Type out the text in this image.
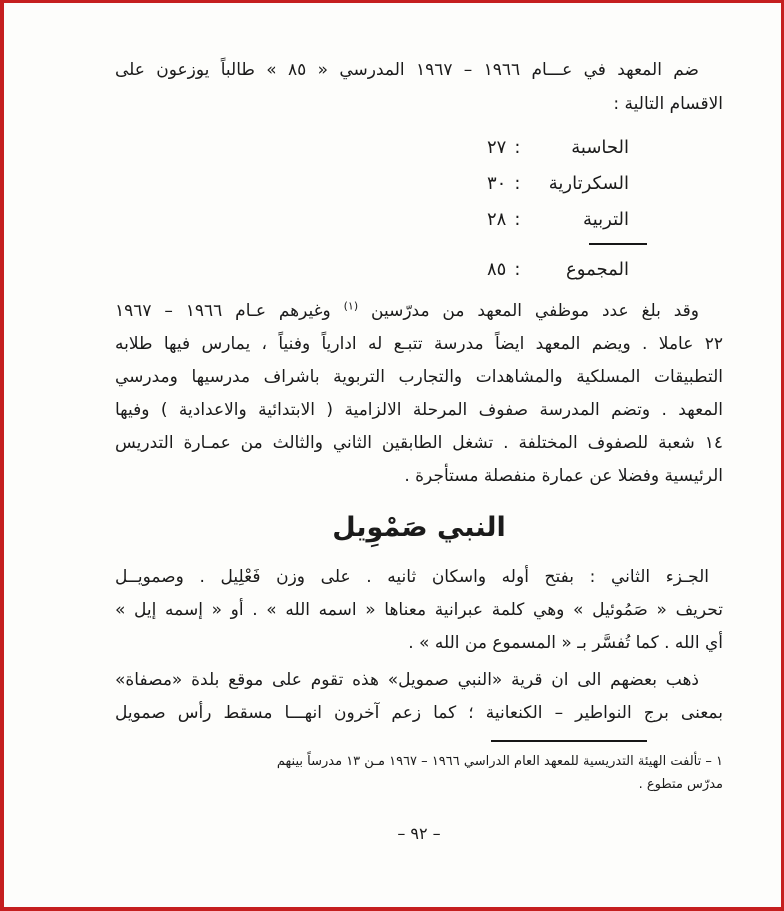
ضم المعهد في عـــام ١٩٦٦ – ١٩٦٧ المدرسي « ٨٥ » طالباً يوزعون على
الاقسام التالية :
الحاسبة
:
٢٧
السكرتارية
:
٣٠
التربية
:
٢٨
المجموع
:
٨٥
وقد بلغ عدد موظفي المعهد من مدرّسين $^{(١)}$ وغيرهم عـام ١٩٦٦ – ١٩٦٧
٢٢ عاملا . ويضم المعهد ايضاً مدرسة تتبـع له ادارياً وفنياً ، يمارس فيها طلابه
التطبيقات المسلكية والمشاهدات والتجارب التربوية باشراف مدرسيها ومدرسي
المعهد . وتضم المدرسة صفوف المرحلة الالزامية ( الابتدائية والاعدادية ) وفيها
١٤ شعبة للصفوف المختلفة . تشغل الطابقين الثاني والثالث من عمـارة التدريس
الرئيسية وفضلا عن عمارة منفصلة مستأجرة .
النبي صَمْوِيل
الجـزء الثاني : بفتح أوله واسكان ثانيه . على وزن فَعْلِيل . وصمويــل
تحريف « صَمُوئيل » وهي كلمة عبرانية معناها « اسمه الله » . أو « إسمه إيل »
أي الله . كما تُفسَّر بـ « المسموع من الله » .
ذهب بعضهم الى ان قرية «النبي صمويل» هذه تقوم على موقع بلدة «مصفاة»
بمعنى برج النواطير – الكنعانية ؛ كما زعم آخرون انهـــا مسقط رأس صمويل
١ – تألفت الهيئة التدريسية للمعهد العام الدراسي ١٩٦٦ – ١٩٦٧ مـن ١٣ مدرساً بينهم
مدرّس متطوع .
– ٩٢ –
